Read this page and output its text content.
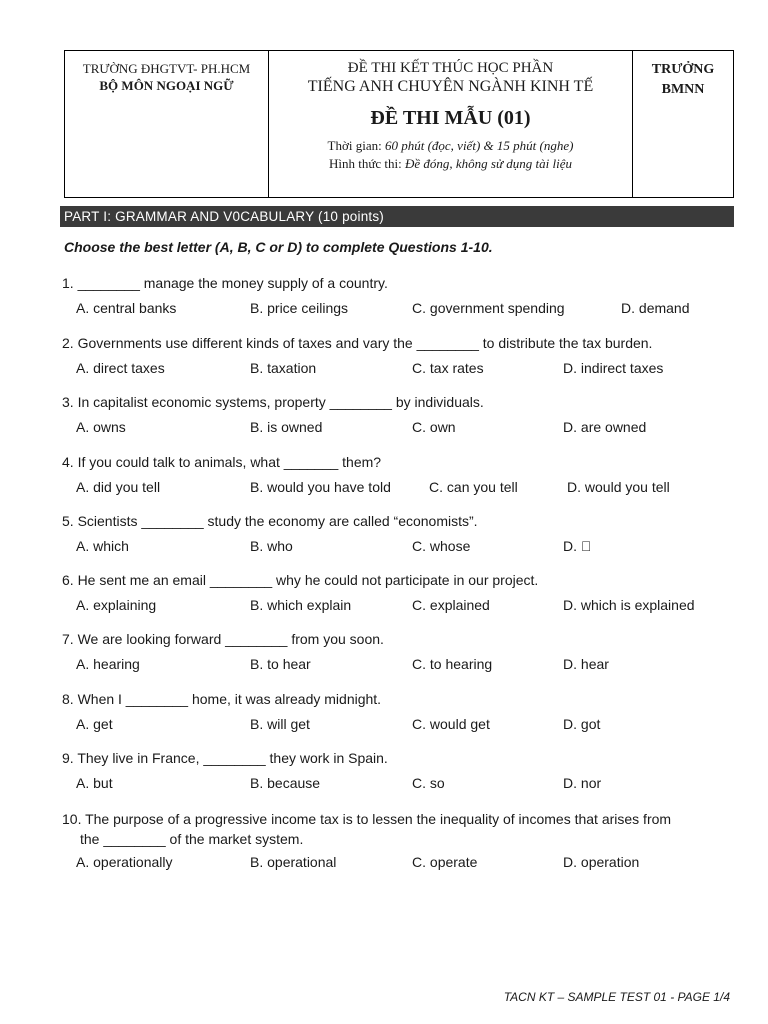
TRƯỜNG ĐHGTVT- PH.HCM
BỘ MÔN NGOẠI NGỮ
ĐỀ THI KẾT THÚC HỌC PHẦN
TIẾNG ANH CHUYÊN NGÀNH KINH TẾ
ĐỀ THI MẪU (01)
Thời gian: 60 phút (đọc, viết) & 15 phút (nghe)
Hình thức thi: Đề đóng, không sử dụng tài liệu
TRƯỞNG
BMNN
PART I: GRAMMAR AND V0CABULARY (10 points)
Choose the best letter (A, B, C or D) to complete Questions 1-10.
1. ________ manage the money supply of a country.
A. central banks	B. price ceilings	C. government spending	D. demand
2. Governments use different kinds of taxes and vary the ________ to distribute the tax burden.
A. direct taxes	B. taxation	C. tax rates	D. indirect taxes
3. In capitalist economic systems, property ________ by individuals.
A. owns	B. is owned	C. own	D. are owned
4. If you could talk to animals, what _______ them?
A. did you tell	B. would you have told	C. can you tell	D. would you tell
5. Scientists ________ study the economy are called “economists”.
A. which	B. who	C. whose	D. ⃠
6. He sent me an email ________ why he could not participate in our project.
A. explaining	B. which explain	C. explained	D. which is explained
7. We are looking forward ________ from you soon.
A. hearing	B. to hear	C. to hearing	D. hear
8. When I ________ home, it was already midnight.
A. get	B. will get	C. would get	D. got
9. They live in France, ________ they work in Spain.
A. but	B. because	C. so	D. nor
10. The purpose of a progressive income tax is to lessen the inequality of incomes that arises from
the ________ of the market system.
A. operationally	B. operational	C. operate	D. operation
TACN KT – SAMPLE TEST 01 - PAGE 1/4
